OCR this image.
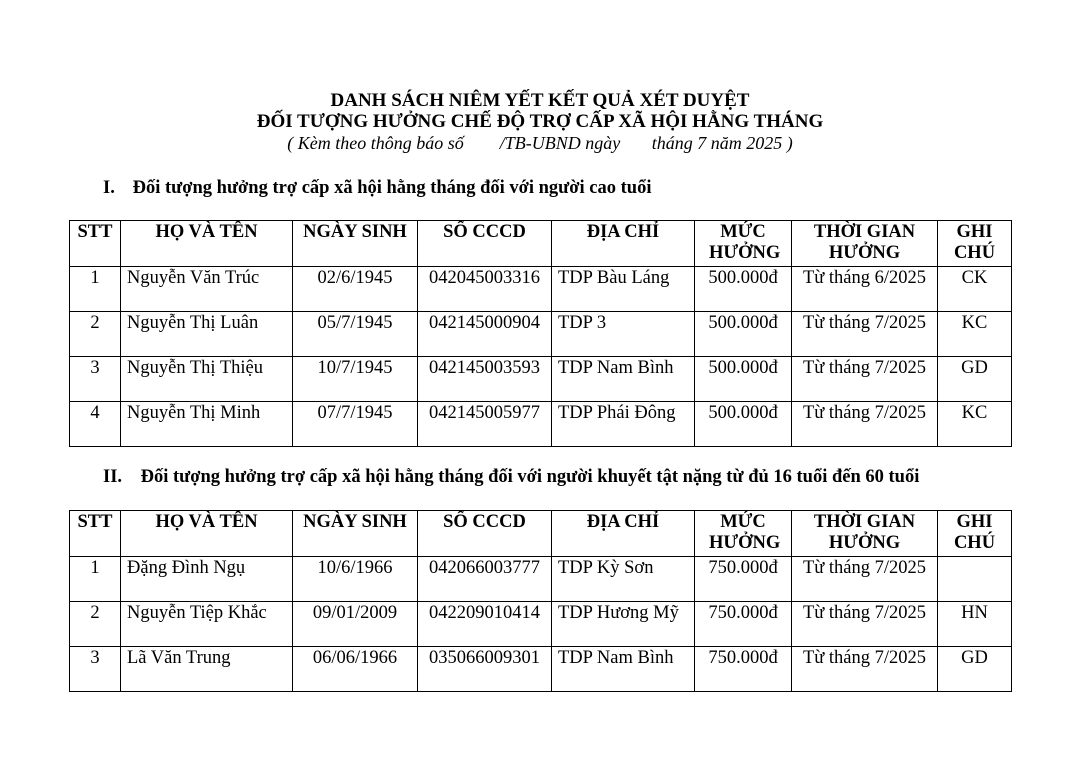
DANH SÁCH NIÊM YẾT KẾT QUẢ XÉT DUYỆT
ĐỐI TƯỢNG HƯỞNG CHẾ ĐỘ TRỢ CẤP XÃ HỘI HẰNG THÁNG
( Kèm theo thông báo số        /TB-UBND ngày       tháng 7 năm 2025 )
I. Đối tượng hưởng trợ cấp xã hội hằng tháng đối với người cao tuổi
STT	HỌ VÀ TÊN	NGÀY SINH	SỐ CCCD	ĐỊA CHỈ	MỨC HƯỞNG	THỜI GIAN HƯỞNG	GHI CHÚ
1	Nguyễn Văn Trúc	02/6/1945	042045003316	TDP Bàu Láng	500.000đ	Từ tháng 6/2025	CK
2	Nguyễn Thị Luân	05/7/1945	042145000904	TDP 3	500.000đ	Từ tháng 7/2025	KC
3	Nguyễn Thị Thiệu	10/7/1945	042145003593	TDP Nam Bình	500.000đ	Từ tháng 7/2025	GD
4	Nguyễn Thị Minh	07/7/1945	042145005977	TDP Phái Đông	500.000đ	Từ tháng 7/2025	KC
II. Đối tượng hưởng trợ cấp xã hội hằng tháng đối với người khuyết tật nặng từ đủ 16 tuổi đến 60 tuổi
STT	HỌ VÀ TÊN	NGÀY SINH	SỐ CCCD	ĐỊA CHỈ	MỨC HƯỞNG	THỜI GIAN HƯỞNG	GHI CHÚ
1	Đặng Đình Ngụ	10/6/1966	042066003777	TDP Kỳ Sơn	750.000đ	Từ tháng 7/2025	
2	Nguyễn Tiệp Khắc	09/01/2009	042209010414	TDP Hương Mỹ	750.000đ	Từ tháng 7/2025	HN
3	Lã Văn Trung	06/06/1966	035066009301	TDP Nam Bình	750.000đ	Từ tháng 7/2025	GD
